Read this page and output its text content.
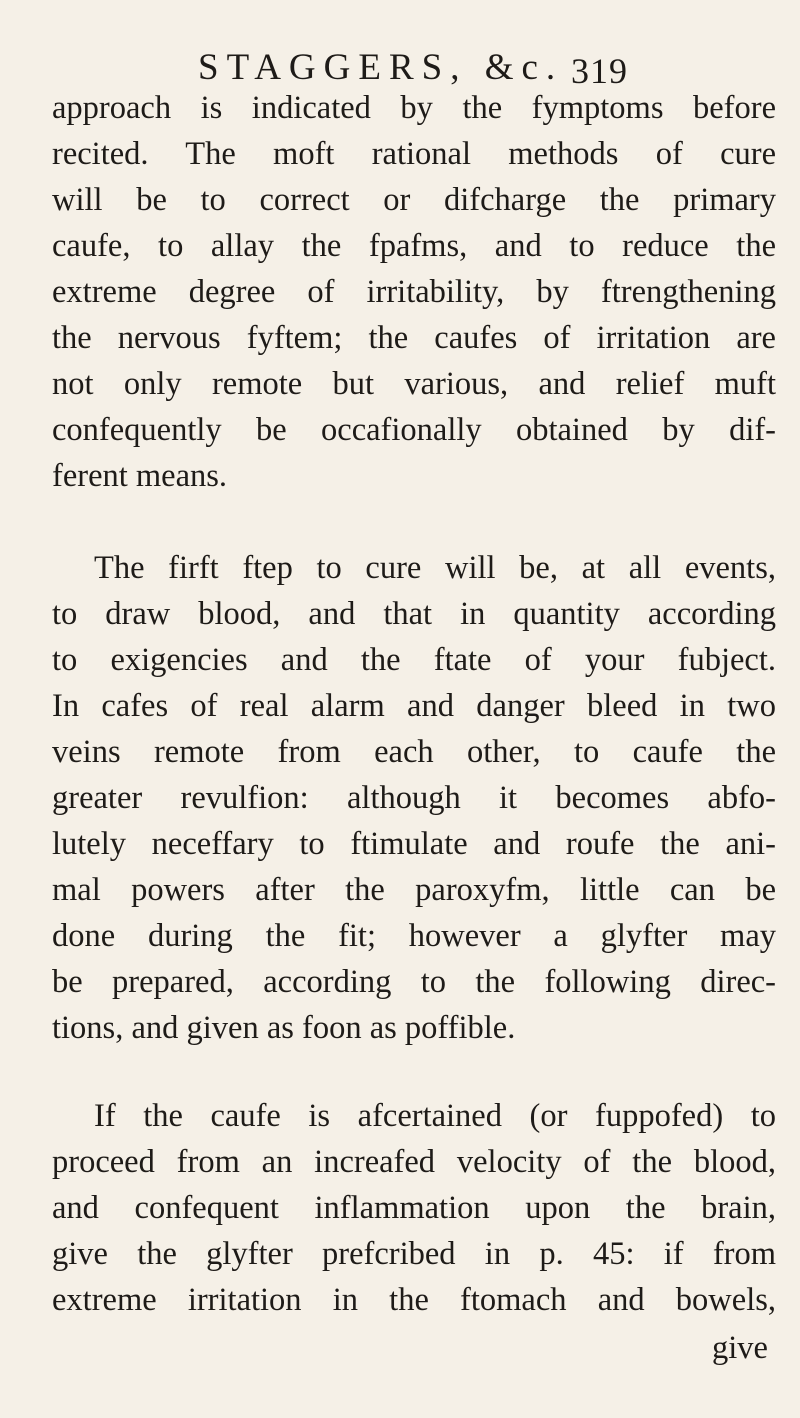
STAGGERS, &c. 319
approach is indicated by the fymptoms before
recited. The moft rational methods of cure
will be to correct or difcharge the primary
caufe, to allay the fpafms, and to reduce the
extreme degree of irritability, by ftrengthening
the nervous fyftem; the caufes of irritation are
not only remote but various, and relief muft
confequently be occafionally obtained by dif-
ferent means.
The firft ftep to cure will be, at all events,
to draw blood, and that in quantity according
to exigencies and the ftate of your fubject.
In cafes of real alarm and danger bleed in two
veins remote from each other, to caufe the
greater revulfion: although it becomes abfo-
lutely neceffary to ftimulate and roufe the ani-
mal powers after the paroxyfm, little can be
done during the fit; however a glyfter may
be prepared, according to the following direc-
tions, and given as foon as poffible.
If the caufe is afcertained (or fuppofed) to
proceed from an increafed velocity of the blood,
and confequent inflammation upon the brain,
give the glyfter prefcribed in p. 45: if from
extreme irritation in the ftomach and bowels,
give
